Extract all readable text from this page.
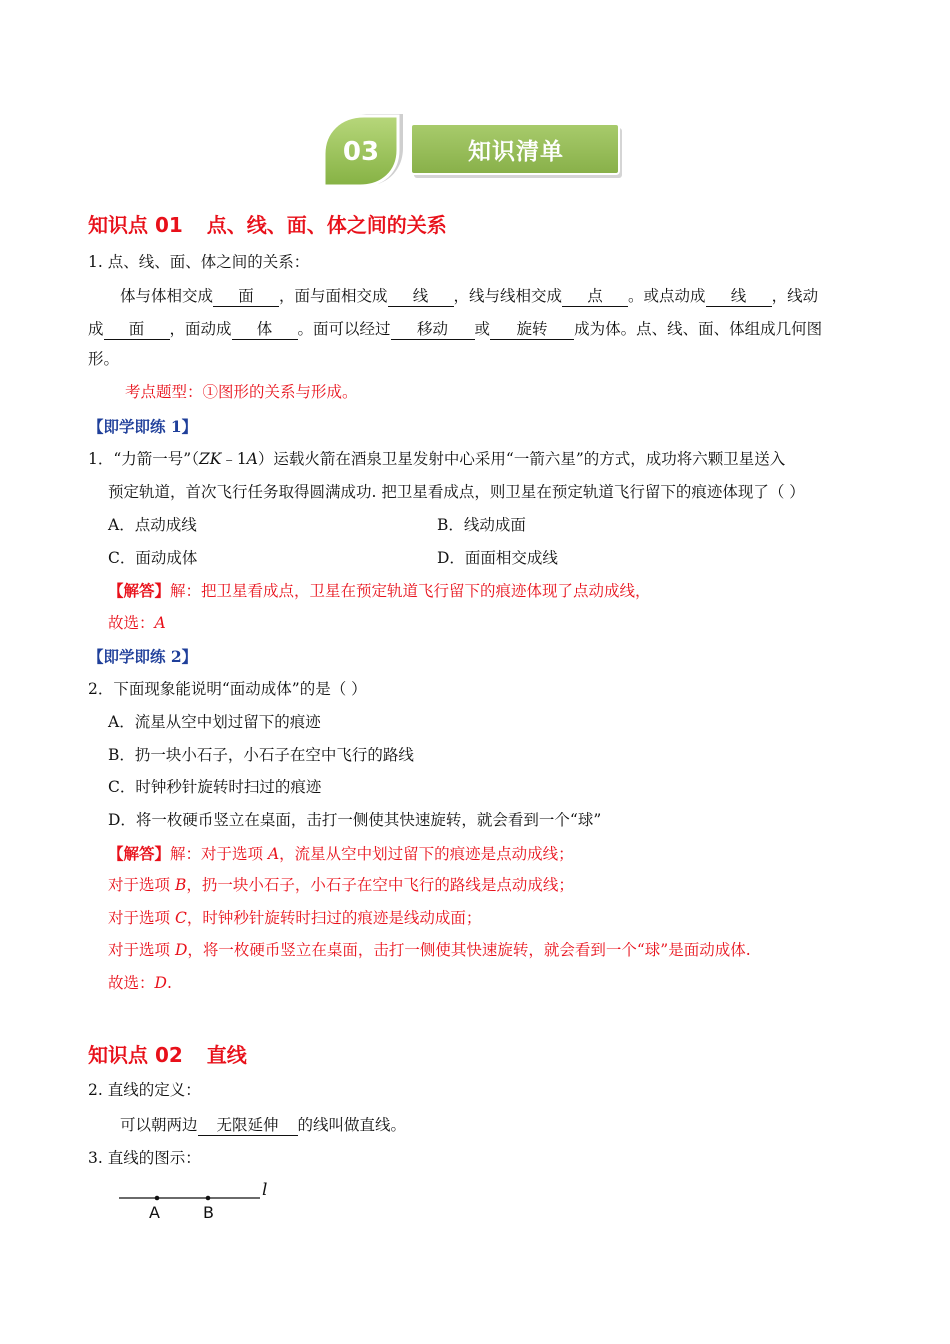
03	知识清单
知识点 01 点、线、面、体之间的关系
1. 点、线、面、体之间的关系：
体与体相交成 面 ，面与面相交成 线 ，线与线相交成 点 。或点动成 线 ，线动
成 面 ，面动成 体 。面可以经过 移动 或 旋转 成为体。点、线、面、体组成几何图
形。
考点题型：①图形的关系与形成。
【即学即练 1】
1．“力箭一号”（ZK﹣1A）运载火箭在酒泉卫星发射中心采用“一箭六星”的方式，成功将六颗卫星送入
预定轨道，首次飞行任务取得圆满成功. 把卫星看成点，则卫星在预定轨道飞行留下的痕迹体现了（ ）
A．点动成线	B．线动成面
C．面动成体	D．面面相交成线
【解答】解：把卫星看成点，卫星在预定轨道飞行留下的痕迹体现了点动成线，
故选：A
【即学即练 2】
2．下面现象能说明“面动成体”的是（ ）
A．流星从空中划过留下的痕迹
B．扔一块小石子，小石子在空中飞行的路线
C．时钟秒针旋转时扫过的痕迹
D．将一枚硬币竖立在桌面，击打一侧使其快速旋转，就会看到一个“球”
【解答】解：对于选项 A，流星从空中划过留下的痕迹是点动成线；
对于选项 B，扔一块小石子，小石子在空中飞行的路线是点动成线；
对于选项 C，时钟秒针旋转时扫过的痕迹是线动成面；
对于选项 D，将一枚硬币竖立在桌面，击打一侧使其快速旋转，就会看到一个“球”是面动成体.
故选：D.
知识点 02 直线
2. 直线的定义：
可以朝两边 无限延伸 的线叫做直线。
3. 直线的图示：
A	B
l
